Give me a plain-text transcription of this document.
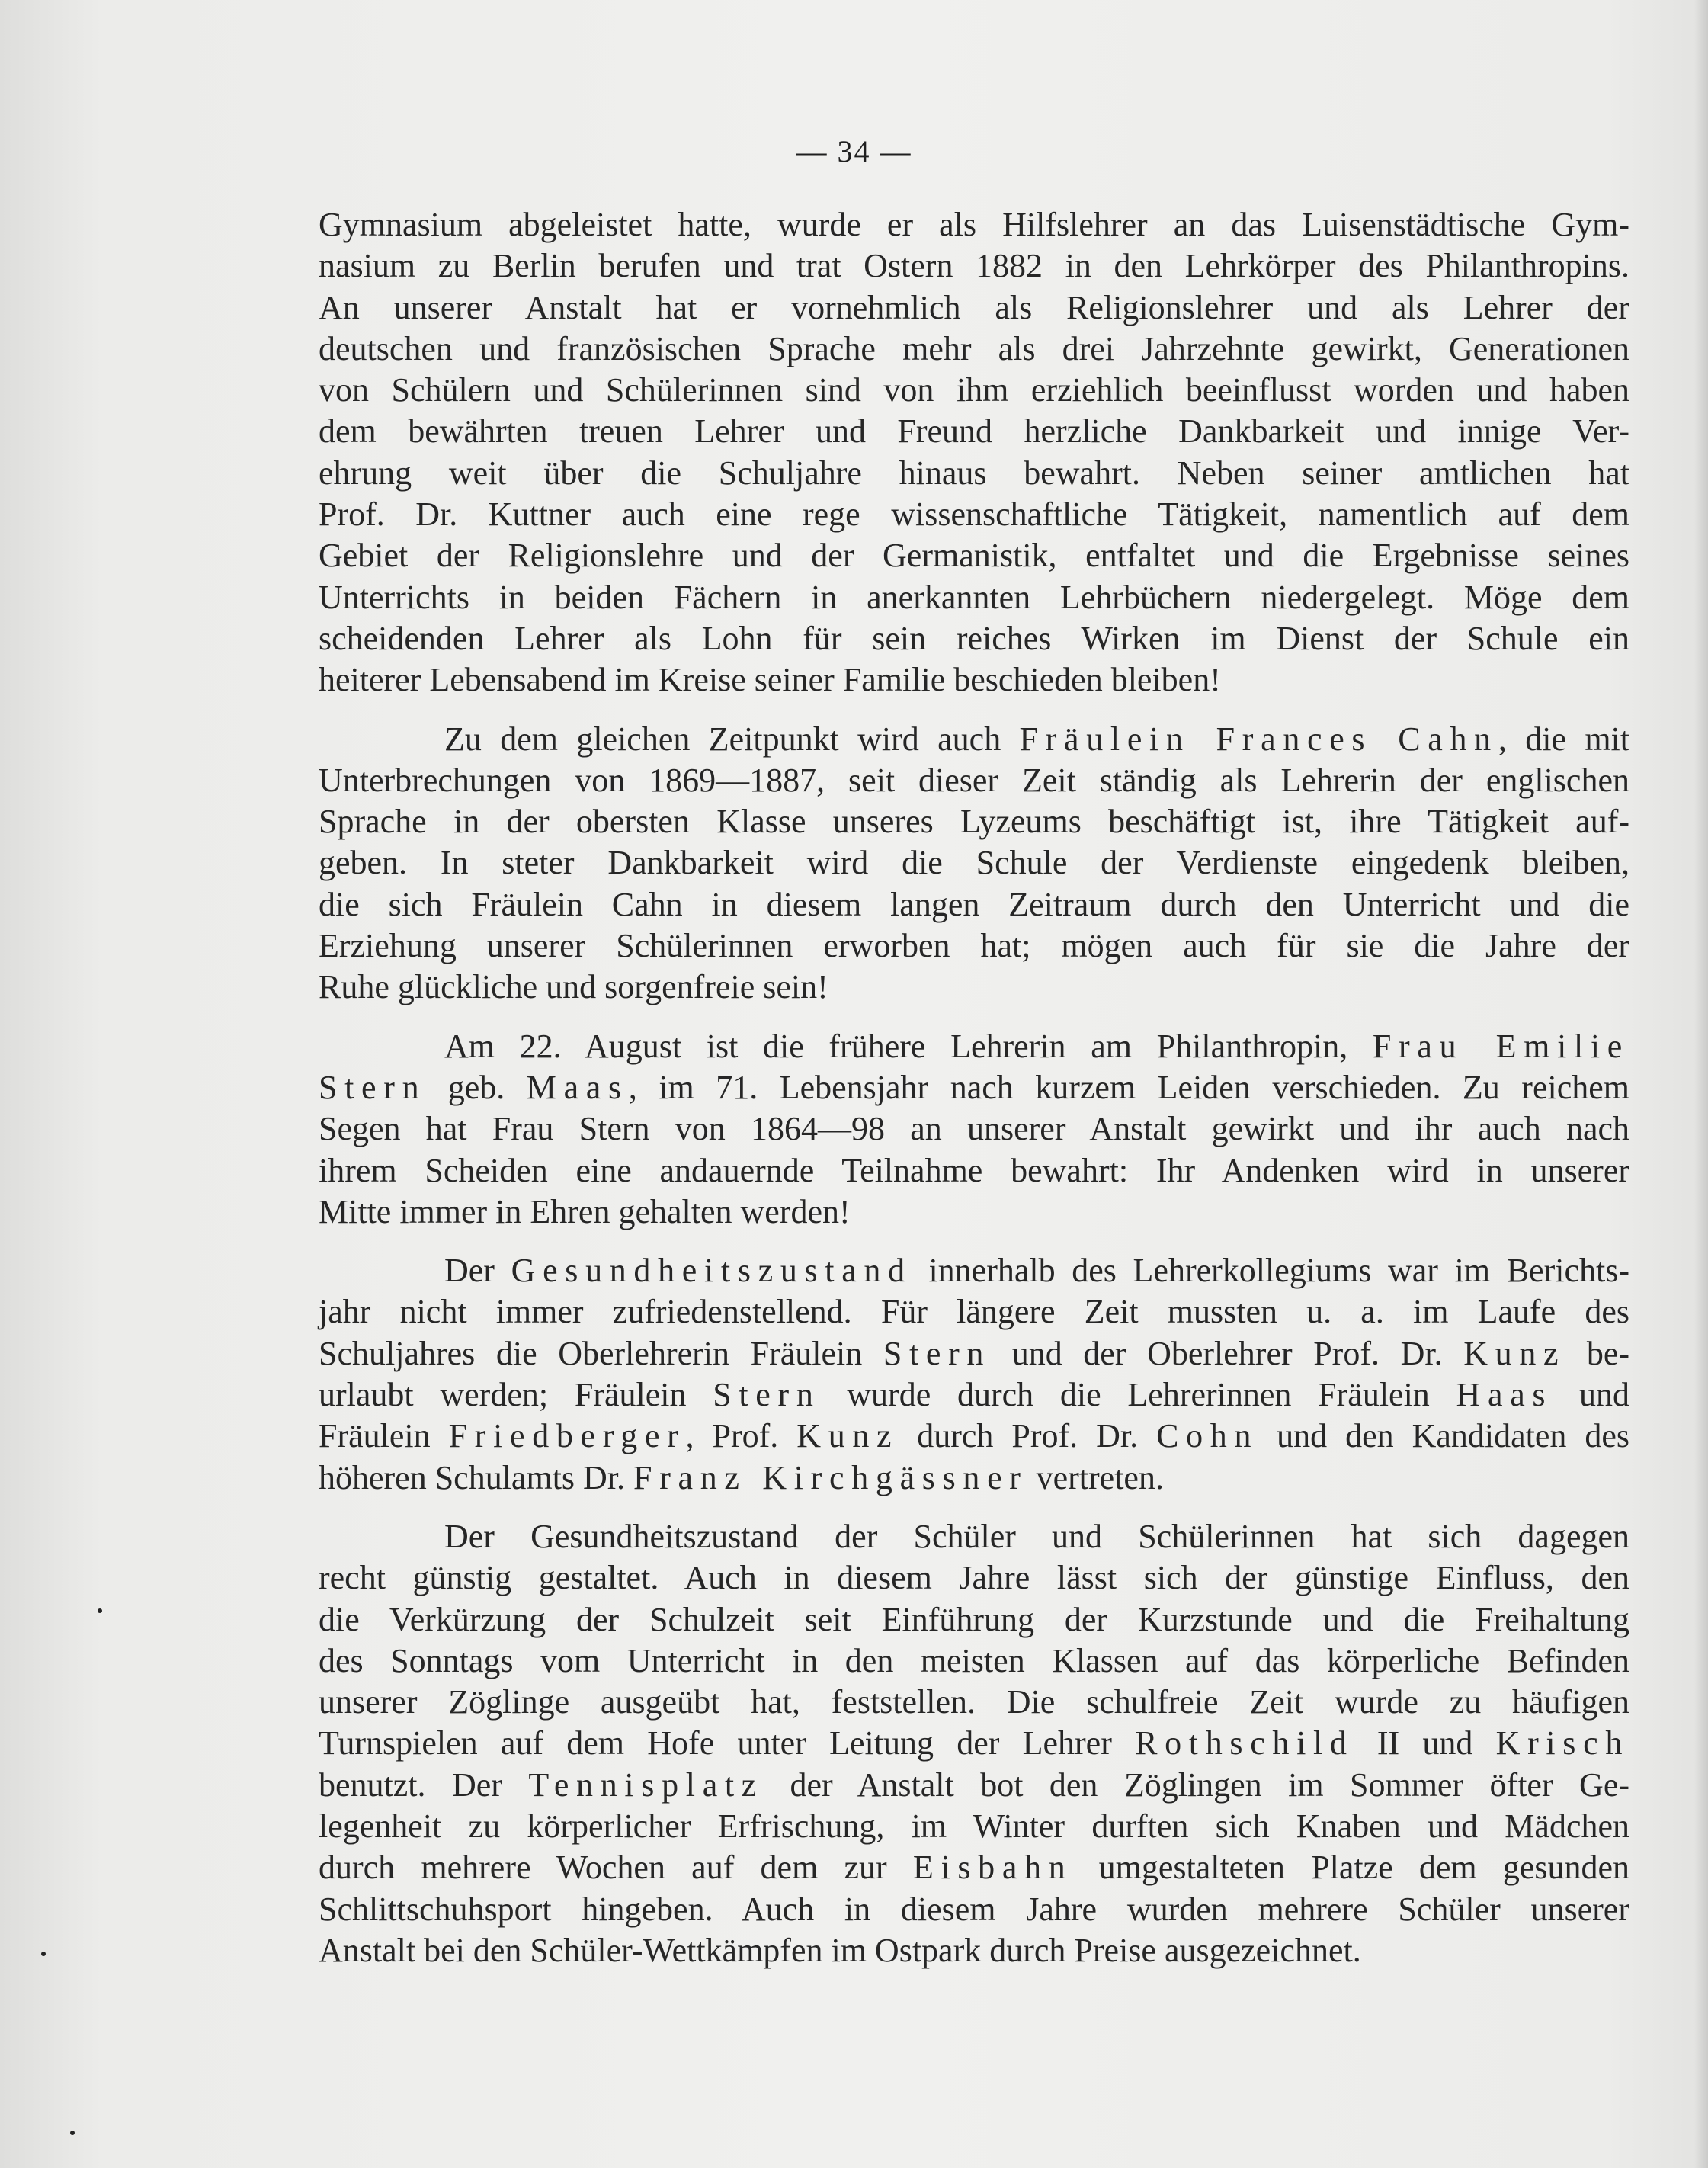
— 34 —
Gymnasium abgeleistet hatte, wurde er als Hilfslehrer an das Luisenstädtische Gym-
nasium zu Berlin berufen und trat Ostern 1882 in den Lehrkörper des Philanthropins.
An unserer Anstalt hat er vornehmlich als Religionslehrer und als Lehrer der
deutschen und französischen Sprache mehr als drei Jahrzehnte gewirkt, Generationen
von Schülern und Schülerinnen sind von ihm erziehlich beeinflusst worden und haben
dem bewährten treuen Lehrer und Freund herzliche Dankbarkeit und innige Ver-
ehrung weit über die Schuljahre hinaus bewahrt. Neben seiner amtlichen hat
Prof. Dr. Kuttner auch eine rege wissenschaftliche Tätigkeit, namentlich auf dem
Gebiet der Religionslehre und der Germanistik, entfaltet und die Ergebnisse seines
Unterrichts in beiden Fächern in anerkannten Lehrbüchern niedergelegt. Möge dem
scheidenden Lehrer als Lohn für sein reiches Wirken im Dienst der Schule ein
heiterer Lebensabend im Kreise seiner Familie beschieden bleiben!
Zu dem gleichen Zeitpunkt wird auch Fräulein Frances Cahn, die mit
Unterbrechungen von 1869—1887, seit dieser Zeit ständig als Lehrerin der englischen
Sprache in der obersten Klasse unseres Lyzeums beschäftigt ist, ihre Tätigkeit auf-
geben. In steter Dankbarkeit wird die Schule der Verdienste eingedenk bleiben,
die sich Fräulein Cahn in diesem langen Zeitraum durch den Unterricht und die
Erziehung unserer Schülerinnen erworben hat; mögen auch für sie die Jahre der
Ruhe glückliche und sorgenfreie sein!
Am 22. August ist die frühere Lehrerin am Philanthropin, Frau Emilie
Stern geb. Maas, im 71. Lebensjahr nach kurzem Leiden verschieden. Zu reichem
Segen hat Frau Stern von 1864—98 an unserer Anstalt gewirkt und ihr auch nach
ihrem Scheiden eine andauernde Teilnahme bewahrt: Ihr Andenken wird in unserer
Mitte immer in Ehren gehalten werden!
Der Gesundheitszustand innerhalb des Lehrerkollegiums war im Berichts-
jahr nicht immer zufriedenstellend. Für längere Zeit mussten u. a. im Laufe des
Schuljahres die Oberlehrerin Fräulein Stern und der Oberlehrer Prof. Dr. Kunz be-
urlaubt werden; Fräulein Stern wurde durch die Lehrerinnen Fräulein Haas und
Fräulein Friedberger, Prof. Kunz durch Prof. Dr. Cohn und den Kandidaten des
höheren Schulamts Dr. Franz Kirchgässner vertreten.
Der Gesundheitszustand der Schüler und Schülerinnen hat sich dagegen
recht günstig gestaltet. Auch in diesem Jahre lässt sich der günstige Einfluss, den
die Verkürzung der Schulzeit seit Einführung der Kurzstunde und die Freihaltung
des Sonntags vom Unterricht in den meisten Klassen auf das körperliche Befinden
unserer Zöglinge ausgeübt hat, feststellen. Die schulfreie Zeit wurde zu häufigen
Turnspielen auf dem Hofe unter Leitung der Lehrer Rothschild II und Krisch
benutzt. Der Tennisplatz der Anstalt bot den Zöglingen im Sommer öfter Ge-
legenheit zu körperlicher Erfrischung, im Winter durften sich Knaben und Mädchen
durch mehrere Wochen auf dem zur Eisbahn umgestalteten Platze dem gesunden
Schlittschuhsport hingeben. Auch in diesem Jahre wurden mehrere Schüler unserer
Anstalt bei den Schüler-Wettkämpfen im Ostpark durch Preise ausgezeichnet.
